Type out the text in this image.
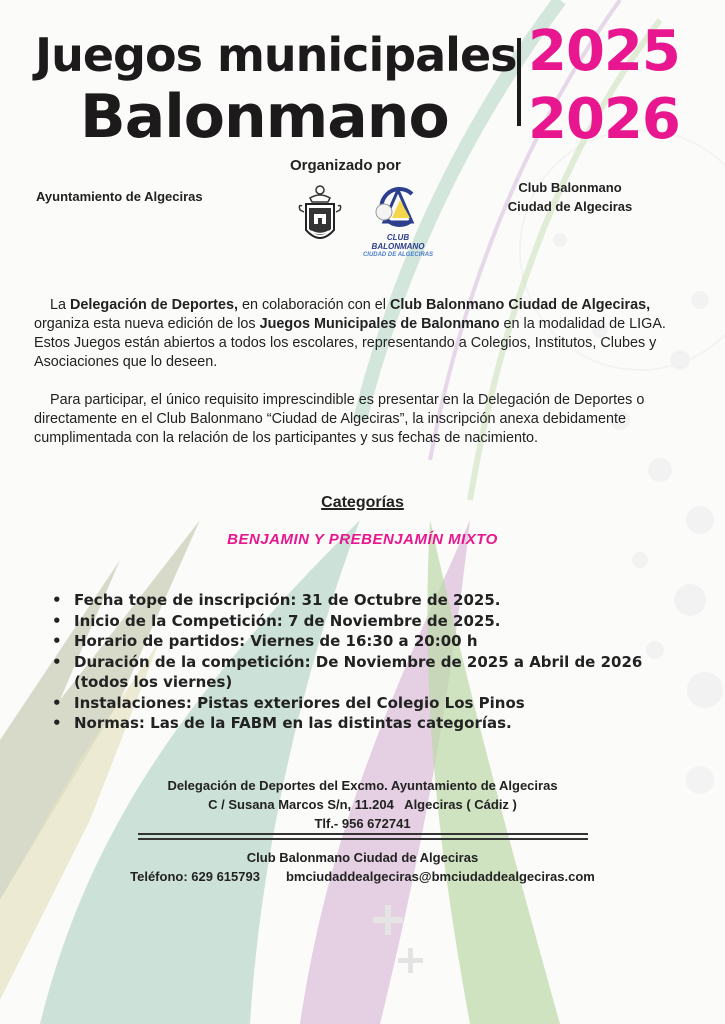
Juegos municipales
Balonmano
2025
2026
Organizado por
Ayuntamiento de Algeciras
Club Balonmano
Ciudad de Algeciras
CLUB BALONMANO
CIUDAD DE ALGECIRAS
La Delegación de Deportes, en colaboración con el Club Balonmano Ciudad de Algeciras, organiza esta nueva edición de los Juegos Municipales de Balonmano en la modalidad de LIGA. Estos Juegos están abiertos a todos los escolares, representando a Colegios, Institutos, Clubes y Asociaciones que lo deseen.
Para participar, el único requisito imprescindible es presentar en la Delegación de Deportes o directamente en el Club Balonmano “Ciudad de Algeciras”, la inscripción anexa debidamente cumplimentada con la relación de los participantes y sus fechas de nacimiento.
Categorías
BENJAMIN Y PREBENJAMÍN MIXTO
• Fecha tope de inscripción: 31 de Octubre de 2025.
• Inicio de la Competición: 7 de Noviembre de 2025.
• Horario de partidos: Viernes de 16:30 a 20:00 h
• Duración de la competición: De Noviembre de 2025 a Abril de 2026 (todos los viernes)
• Instalaciones: Pistas exteriores del Colegio Los Pinos
• Normas: Las de la FABM en las distintas categorías.
Delegación de Deportes del Excmo. Ayuntamiento de Algeciras
C / Susana Marcos S/n, 11.204   Algeciras ( Cádiz )
Tlf.- 956 672741
Club Balonmano Ciudad de Algeciras
Teléfono: 629 615793 bmciudaddealgeciras@bmciudaddealgeciras.com
